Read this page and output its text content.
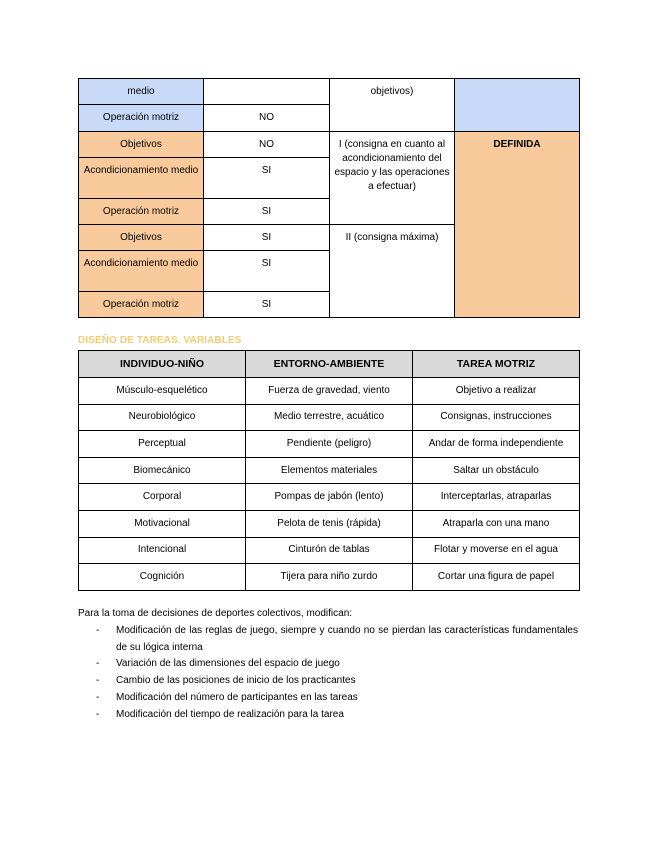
medio		objetivos)	
Operación motriz	NO		
Objetivos	NO	I (consigna en cuanto al acondicionamiento del espacio y las operaciones a efectuar)	DEFINIDA
Acondicionamiento medio	SI		
Operación motriz	SI		
Objetivos	SI	II (consigna máxima)	
Acondicionamiento medio	SI		
Operación motriz	SI		
DISEÑO DE TAREAS. VARIABLES
INDIVIDUO-NIÑO	ENTORNO-AMBIENTE	TAREA MOTRIZ
Músculo-esquelético	Fuerza de gravedad, viento	Objetivo a realizar
Neurobiológico	Medio terrestre, acuático	Consignas, instrucciones
Perceptual	Pendiente (peligro)	Andar de forma independiente
Biomecánico	Elementos materiales	Saltar un obstáculo
Corporal	Pompas de jabón (lento)	Interceptarlas, atraparlas
Motivacional	Pelota de tenis (rápida)	Atraparla con una mano
Intencional	Cinturón de tablas	Flotar y moverse en el agua
Cognición	Tijera para niño zurdo	Cortar una figura de papel
Para la toma de decisiones de deportes colectivos, modifican:
- Modificación de las reglas de juego, siempre y cuando no se pierdan las características fundamentales de su lógica interna
- Variación de las dimensiones del espacio de juego
- Cambio de las posiciones de inicio de los practicantes
- Modificación del número de participantes en las tareas
- Modificación del tiempo de realización para la tarea
